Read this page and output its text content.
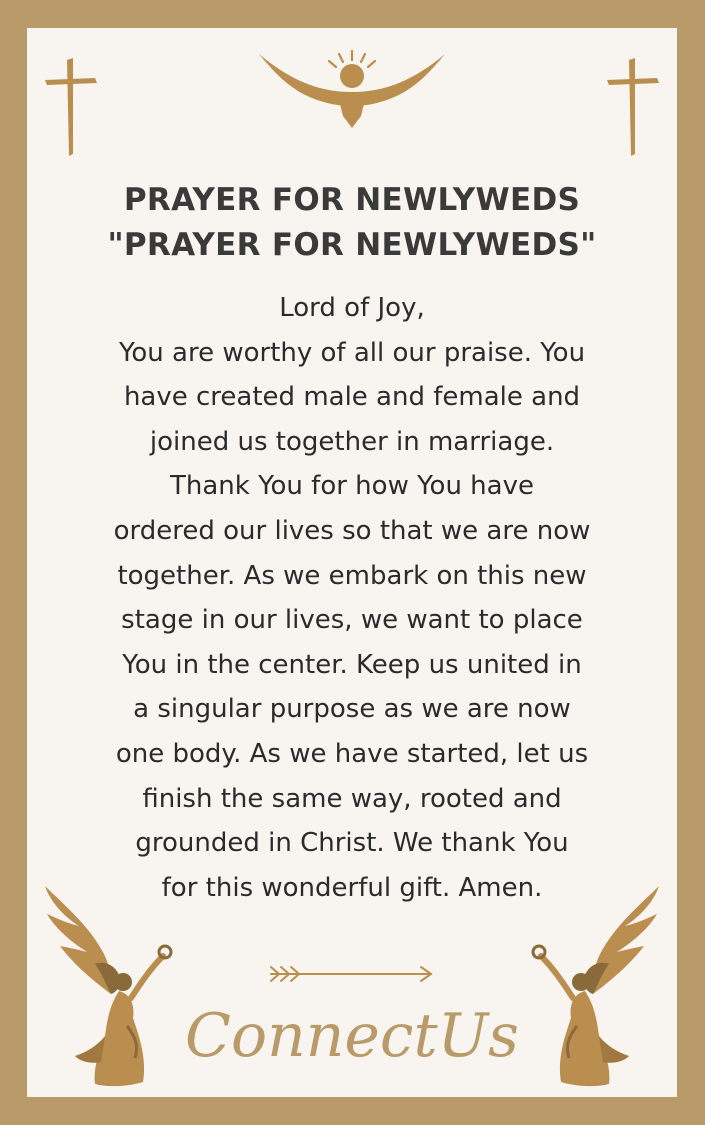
PRAYER FOR NEWLYWEDS
"PRAYER FOR NEWLYWEDS"
Lord of Joy,
You are worthy of all our praise. You
have created male and female and
joined us together in marriage.
Thank You for how You have
ordered our lives so that we are now
together. As we embark on this new
stage in our lives, we want to place
You in the center. Keep us united in
a singular purpose as we are now
one body. As we have started, let us
finish the same way, rooted and
grounded in Christ. We thank You
for this wonderful gift. Amen.
ConnectUs
